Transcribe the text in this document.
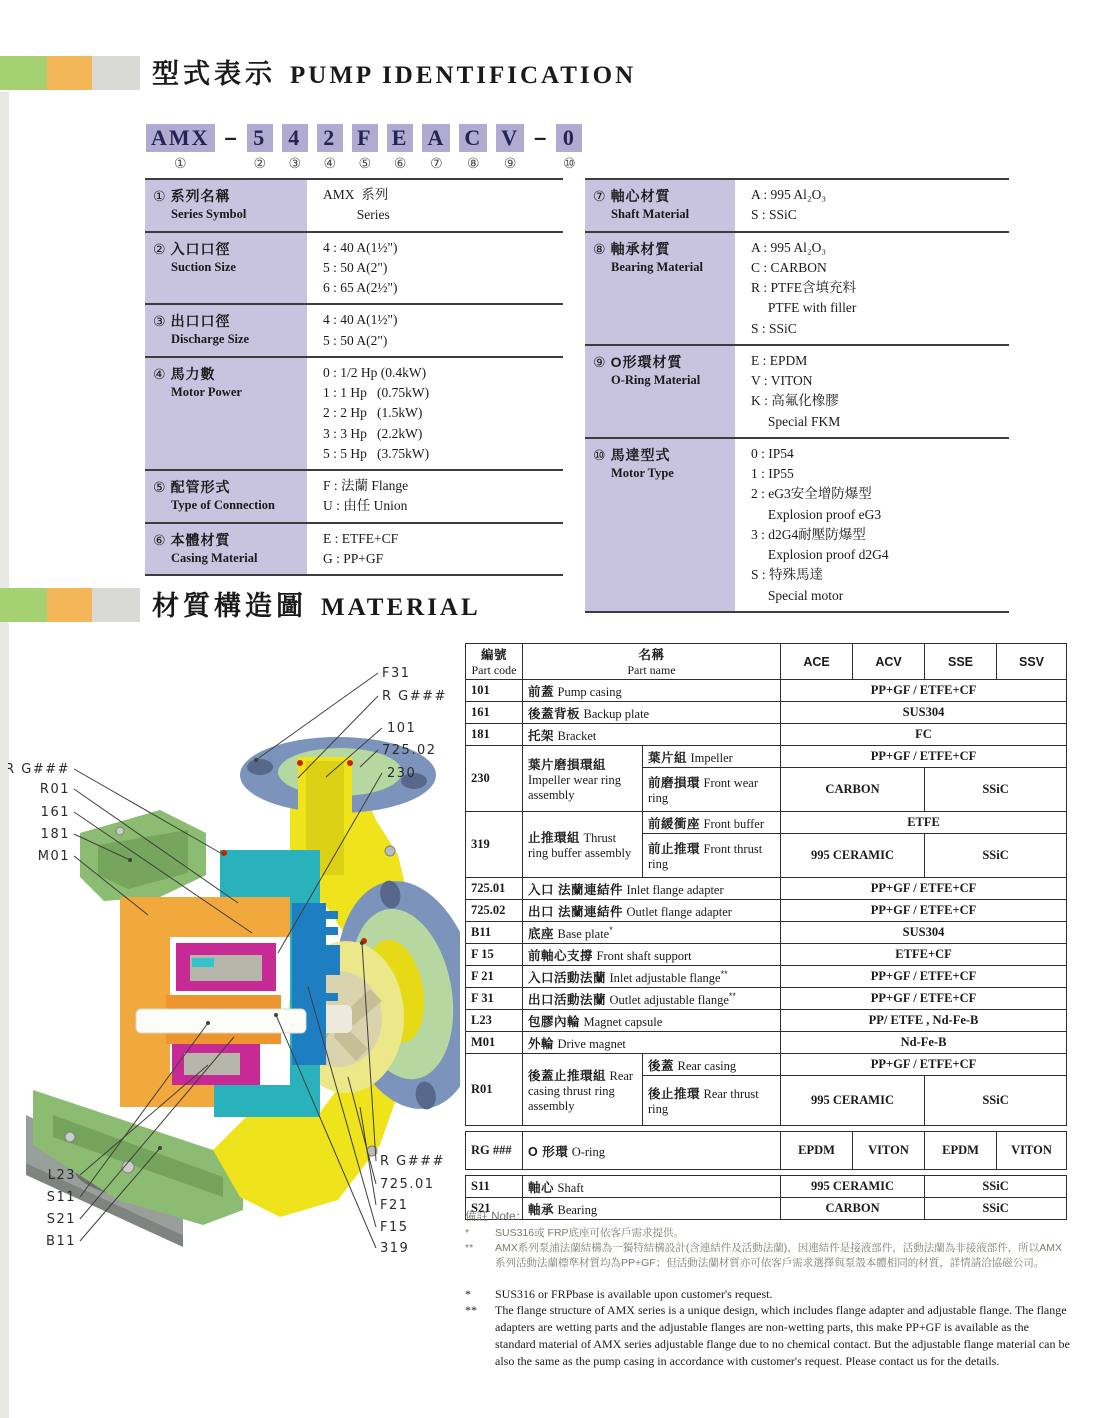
型式表示 PUMP IDENTIFICATION
AMX
①
– 5
②
4
③
2
④
F
⑤
E
⑥
A
⑦
C
⑧
V
⑨
– 0
⑩
① 系列名稱
Series Symbol
AMX  系列
Series
② 入口口徑
Suction Size
4 : 40 A(1½")
5 : 50 A(2")
6 : 65 A(2½")
③ 出口口徑
Discharge Size
4 : 40 A(1½")
5 : 50 A(2")
④ 馬力數
Motor Power
0 : 1/2 Hp (0.4kW)
1 : 1 Hp   (0.75kW)
2 : 2 Hp   (1.5kW)
3 : 3 Hp   (2.2kW)
5 : 5 Hp   (3.75kW)
⑤ 配管形式
Type of Connection
F : 法蘭 Flange
U : 由任 Union
⑥ 本體材質
Casing Material
E : ETFE+CF
G : PP+GF
⑦ 軸心材質
Shaft Material
A : 995 Al₂O₃
S : SSiC
⑧ 軸承材質
Bearing Material
A : 995 Al₂O₃
C : CARBON
R : PTFE含填充料
PTFE with filler
S : SSiC
⑨ O形環材質
O-Ring Material
E : EPDM
V : VITON
K : 高氟化橡膠
Special FKM
⑩ 馬達型式
Motor Type
0 : IP54
1 : IP55
2 : eG3安全增防爆型
Explosion proof eG3
3 : d2G4耐壓防爆型
Explosion proof d2G4
S : 特殊馬達
Special motor
材質構造圖 MATERIAL
F31
R G###
101
725.02
230
R G###
R01
161
181
M01
L23
S11
S21
B11
R G###
725.01
F21
F15
319
編號
Part code	名稱
Part name		ACE	ACV	SSE	SSV
101	前蓋 Pump casing		PP+GF / ETFE+CF			
161	後蓋背板 Backup plate		SUS304			
181	托架 Bracket		FC			
230	葉片磨損環組 Impeller wear ring assembly	葉片組 Impeller	PP+GF / ETFE+CF			
		前磨損環 Front wear ring	CARBON		SSiC	
319	止推環組 Thrust ring buffer assembly	前緩衝座 Front buffer	ETFE			
		前止推環 Front thrust ring	995 CERAMIC		SSiC	
725.01	入口 法蘭連結件 Inlet flange adapter		PP+GF / ETFE+CF			
725.02	出口 法蘭連結件 Outlet flange adapter		PP+GF / ETFE+CF			
B11	底座 Base plate*		SUS304			
F 15	前軸心支撐 Front shaft support		ETFE+CF			
F 21	入口活動法蘭 Inlet adjustable flange**		PP+GF / ETFE+CF			
F 31	出口活動法蘭 Outlet adjustable flange**		PP+GF / ETFE+CF			
L23	包膠內輪 Magnet capsule		PP/ ETFE , Nd-Fe-B			
M01	外輪 Drive magnet		Nd-Fe-B			
R01	後蓋止推環組 Rear casing thrust ring assembly	後蓋 Rear casing	PP+GF / ETFE+CF			
		後止推環 Rear thrust ring	995 CERAMIC		SSiC	
RG ###	O 形環 O-ring	EPDM	VITON	EPDM	VITON
S11	軸心 Shaft	995 CERAMIC	SSiC
S21	軸承 Bearing	CARBON	SSiC
備註 Note：
*	SUS316或 FRP底座可依客戶需求提供。
**	AMX系列泵浦法蘭結構為一獨特結構設計(含連結件及活動法蘭)，因連結件是接液部件，活動法蘭為非接液部件，所以AMX系列活動法蘭標準材質均為PP+GF；但活動法蘭材質亦可依客戶需求選擇與泵殼本體相同的材質，詳情請洽協磁公司。
*	SUS316 or FRPbase is available upon customer's request.
**	The flange structure of AMX series is a unique design, which includes flange adapter and adjustable flange. The flange adapters are wetting parts and the adjustable flanges are non-wetting parts, this make PP+GF is available as the standard material of AMX series adjustable flange due to no chemical contact. But the adjustable flange material can be also the same as the pump casing in accordance with customer's request. Please contact us for the details.
